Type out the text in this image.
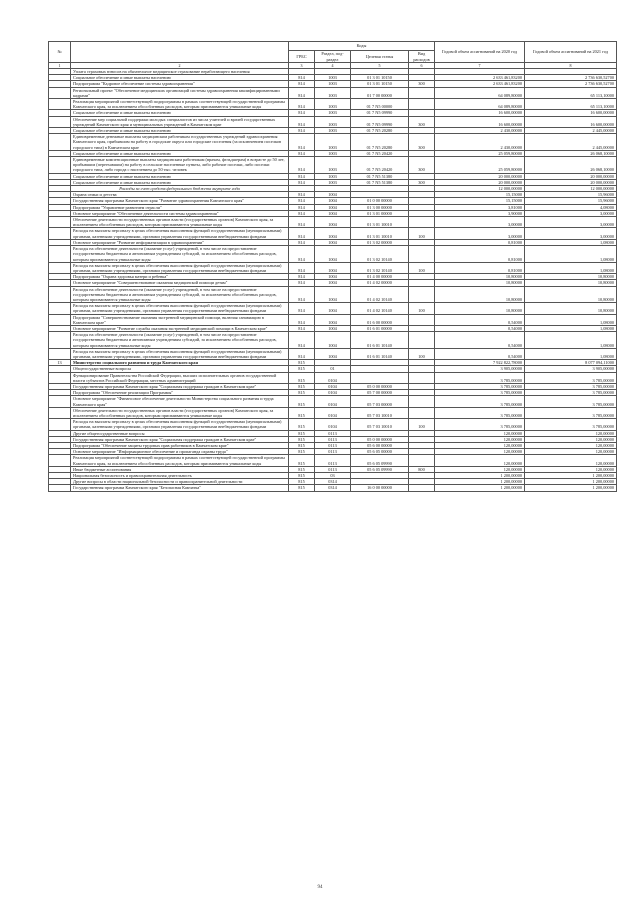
№		Коды				Годовой объем ассигнований на 2020 год	Годовой объем ассигнований на 2021 год
		ГРБС	Раздел, под-раздел	Целевая статья	Вид расходов		
1	2	3	4	5	6	7	8
	Уплата страховых взносов на обязательное медицинское страхование неработающего населения						
	Социальное обеспечение и иные выплаты населению	814	1003	01 3 01 10150		2 633 461,83200	2 736 630,52700
	Подпрограмма "Кадровое обеспечение системы здравоохранения"	814	1003	01 3 01 10150	300	2 633 461,83200	2 736 630,52700
	Региональный проект "Обеспечение медицинских организаций системы здравоохранения квалифицированными кадрами"	814	1003	01 7 00 00000		64 089,80000	65 113,10000
	Реализация мероприятий соответствующей подпрограммы в рамках соответствующей государственной программы Камчатского края, за исключением обособленных расходов, которым присваиваются уникальные коды	814	1003	01 7 N5 00000		64 089,80000	65 113,10000
	Социальное обеспечение и иные выплаты населению	814	1003	01 7 N5 09990		16 600,00000	16 600,00000
	Обеспечение мер социальной поддержки молодых специалистов из числа учителей и врачей государственных учреждений Камчатского края и муниципальных учреждений в Камчатском крае	814	1003	01 7 N5 09990	300	16 600,00000	16 600,00000
	Социальное обеспечение и иные выплаты населению	814	1003	01 7 N5 20280		2 430,00000	2 445,00000
	Единовременные денежные выплаты медицинским работникам государственных учреждений здравоохранения Камчатского края, прибывшим на работу в городские округа или городские поселения (за исключением поселков городского типа) в Камчатском крае	814	1003	01 7 N5 20280	300	2 430,00000	2 445,00000
	Социальное обеспечение и иные выплаты населению	814	1003	01 7 N5 20420		25 059,80000	26 068,10000
	Единовременные компенсационные выплаты медицинским работникам (врачам, фельдшерам) в возрасте до 50 лет, прибывшим (переехавшим) на работу в сельские населенные пункты, либо рабочие поселки, либо поселки городского типа, либо города с населением до 50 тыс. человек	814	1003	01 7 N5 20420	300	25 059,80000	26 068,10000
	Социальное обеспечение и иные выплаты населению	814	1003	01 7 N5 51380		20 000,00000	20 000,00000
	Социальное обеспечение и иные выплаты населению	814	1003	01 7 N5 51380	300	20 000,00000	20 000,00000
	Расходы за счет средств федерального бюджета внутрите года					12 000,00000	12 000,00000
	Охрана семьи и детства	814	1004			15,15000	15,96000
	Государственная программа Камчатского края "Развитие здравоохранения Камчатского края"	814	1004	01 0 00 00000		15,15000	15,96000
	Подпрограмма "Управление развитием отрасли"	814	1004	01 3 00 00000		3,81000	4,08000
	Основное мероприятие "Обеспечение деятельности системы здравоохранения"	814	1004	01 3 01 00000		3,90000	3,00000
	Обеспечение деятельности государственных органов власти (государственных органов) Камчатского края, за исключением обособленных расходов, которым присваиваются уникальные коды	814	1004	01 3 01 10010		3,00000	3,00000
	Расходы на выплаты персоналу в целях обеспечения выполнения функций государственными (муниципальными) органами, казенными учреждениями, органами управления государственными внебюджетными фондами	814	1004	01 3 01 10010	100	3,00000	3,00000
	Основное мероприятие "Развитие информатизации в здравоохранении"	814	1004	01 3 02 00000		0,81000	1,08000
	Расходы на обеспечение деятельности (оказание услуг) учреждений, в том числе на предоставление государственным бюджетным и автономным учреждениям субсидий, за исключением обособленных расходов, которым присваиваются уникальные коды	814	1004	01 3 02 10140		0,81000	1,08000
	Расходы на выплаты персоналу в целях обеспечения выполнения функций государственными (муниципальными) органами, казенными учреждениями, органами управления государственными внебюджетными фондами	814	1004	01 3 02 10140	100	0,81000	1,08000
	Подпрограмма "Охрана здоровья матери и ребенка"	814	1004	01 4 00 00000		10,80000	10,80000
	Основное мероприятие "Совершенствование оказания медицинской помощи детям"	814	1004	01 4 02 00000		10,80000	10,80000
	Расходы на обеспечение деятельности (оказание услуг) учреждений, в том числе на предоставление государственным бюджетным и автономным учреждениям субсидий, за исключением обособленных расходов, которым присваиваются уникальные коды	814	1004	01 4 02 10140		10,80000	10,80000
	Расходы на выплаты персоналу в целях обеспечения выполнения функций государственными (муниципальными) органами, казенными учреждениями, органами управления государственными внебюджетными фондами	814	1004	01 4 02 10140	100	10,80000	10,80000
	Подпрограмма "Совершенствование оказания экстренной медицинской помощи, включая санавиацию в Камчатском крае"	814	1004	01 6 00 00000		0,54000	1,08000
	Основное мероприятие "Развитие службы оказания экстренной медицинской помощи в Камчатском крае"	814	1004	01 6 01 00000		0,54000	1,08000
	Расходы на обеспечение деятельности (оказание услуг) учреждений, в том числе на предоставление государственным бюджетным и автономным учреждениям субсидий, за исключением обособленных расходов, которым присваиваются уникальные коды	814	1004	01 6 01 10140		0,54000	1,08000
	Расходы на выплаты персоналу в целях обеспечения выполнения функций государственными (муниципальными) органами, казенными учреждениями, органами управления государственными внебюджетными фондами	814	1004	01 6 01 10140	100	0,54000	1,08000
13	Министерство социального развития и труда Камчатского края	815				7 922 822,78000	8 077 094,11000
	Общегосударственные вопросы	815	01			3 905,00000	3 905,00000
	Функционирование Правительства Российской Федерации, высших исполнительных органов государственной власти субъектов Российской Федерации, местных администраций	815	0104			3 785,00000	3 785,00000
	Государственная программа Камчатского края "Социальная поддержка граждан в Камчатском крае"	815	0104	05 0 00 00000		3 785,00000	3 785,00000
	Подпрограмма "Обеспечение реализации Программы"	815	0104	05 7 00 00000		3 785,00000	3 785,00000
	Основное мероприятие "Финансовое обеспечение деятельности Министерства социального развития и труда Камчатского края"	815	0104	05 7 03 00000		3 785,00000	3 785,00000
	Обеспечение деятельности государственных органов власти (государственных органов) Камчатского края, за исключением обособленных расходов, которым присваиваются уникальные коды	815	0104	05 7 03 10010		3 785,00000	3 785,00000
	Расходы на выплаты персоналу в целях обеспечения выполнения функций государственными (муниципальными) органами, казенными учреждениями, органами управления государственными внебюджетными фондами	815	0104	05 7 03 10010	100	3 785,00000	3 785,00000
	Другие общегосударственные вопросы	815	0113			120,00000	120,00000
	Государственная программа Камчатского края "Социальная поддержка граждан в Камчатском крае"	815	0113	05 0 00 00000		120,00000	120,00000
	Подпрограмма "Обеспечение защиты трудовых прав работников в Камчатском крае"	815	0113	05 6 00 00000		120,00000	120,00000
	Основное мероприятие "Информационное обеспечение и пропаганда охраны труда"	815	0113	05 6 05 00000		120,00000	120,00000
	Реализация мероприятий соответствующей подпрограммы в рамках соответствующей государственной программы Камчатского края, за исключением обособленных расходов, которым присваиваются уникальные коды	815	0113	05 6 05 09990		120,00000	120,00000
	Иные бюджетные ассигнования	815	0113	05 6 05 09990	800	120,00000	120,00000
	Национальная безопасность и правоохранительная деятельность	815	03			1 200,00000	1 200,00000
	Другие вопросы в области национальной безопасности и правоохранительной деятельности	815	0314			1 200,00000	1 200,00000
	Государственная программа Камчатского края "Безопасная Камчатка"	815	0314	16 0 00 00000		1 200,00000	1 200,00000
94
